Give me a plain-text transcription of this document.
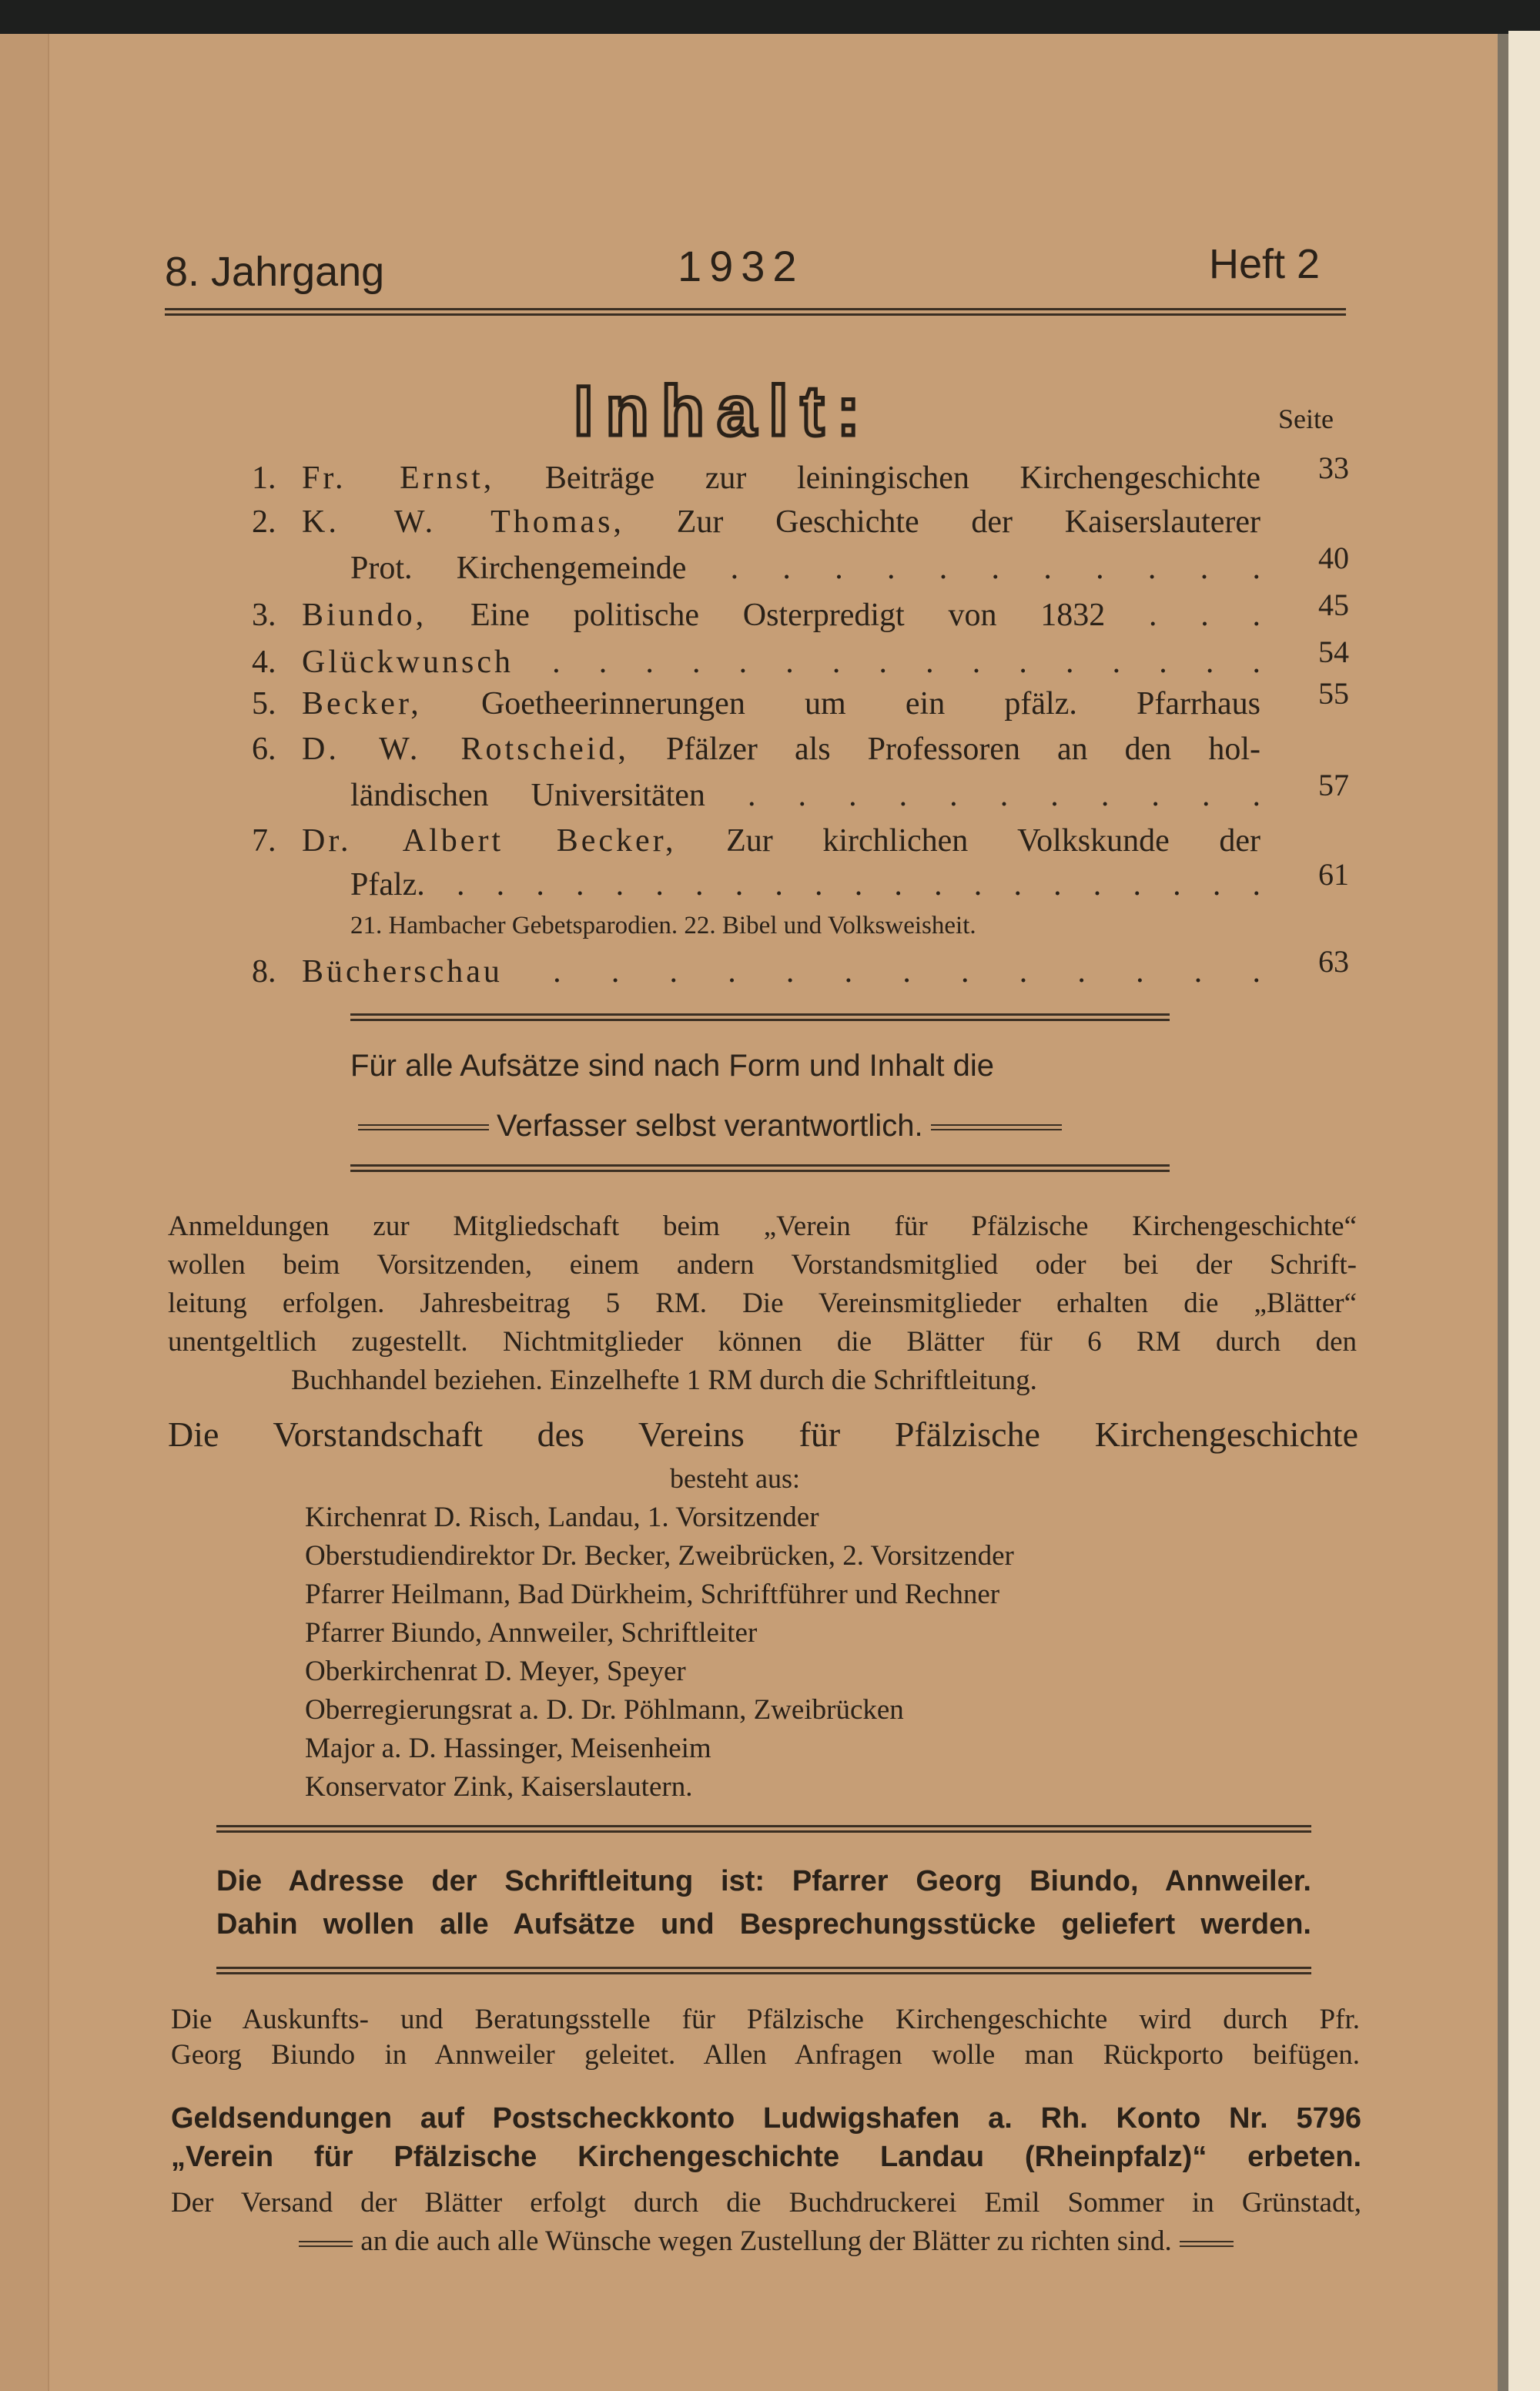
8. Jahrgang	1932	Heft 2
Inhalt:	Seite
1. Fr. Ernst, Beiträge zur leiningischen Kirchengeschichte	33
2. K. W. Thomas, Zur Geschichte der Kaiserslauterer
Prot. Kirchengemeinde . . . . . . . . . . .	40
3. Biundo, Eine politische Osterpredigt von 1832 . . .	45
4. Glückwunsch . . . . . . . . . . . . . . . .	54
5. Becker, Goetheerinnerungen um ein pfälz. Pfarrhaus	55
6. D. W. Rotscheid, Pfälzer als Professoren an den hol-
ländischen Universitäten . . . . . . . . . . .	57
7. Dr. Albert Becker, Zur kirchlichen Volkskunde der
Pfalz. . . . . . . . . . . . . . . . . . . . . .	61
8. Bücherschau . . . . . . . . . . . . .	63
21. Hambacher Gebetsparodien. 22. Bibel und Volksweisheit.
Für alle Aufsätze sind nach Form und Inhalt die
Verfasser selbst verantwortlich.
Anmeldungen zur Mitgliedschaft beim „Verein für Pfälzische Kirchengeschichte“
wollen beim Vorsitzenden, einem andern Vorstandsmitglied oder bei der Schrift-
leitung erfolgen. Jahresbeitrag 5 RM. Die Vereinsmitglieder erhalten die „Blätter“
unentgeltlich zugestellt. Nichtmitglieder können die Blätter für 6 RM durch den
Buchhandel beziehen. Einzelhefte 1 RM durch die Schriftleitung.
Die Vorstandschaft des Vereins für Pfälzische Kirchengeschichte
besteht aus:
Kirchenrat D. Risch, Landau, 1. Vorsitzender
Oberstudiendirektor Dr. Becker, Zweibrücken, 2. Vorsitzender
Pfarrer Heilmann, Bad Dürkheim, Schriftführer und Rechner
Pfarrer Biundo, Annweiler, Schriftleiter
Oberkirchenrat D. Meyer, Speyer
Oberregierungsrat a. D. Dr. Pöhlmann, Zweibrücken
Major a. D. Hassinger, Meisenheim
Konservator Zink, Kaiserslautern.
Die Adresse der Schriftleitung ist: Pfarrer Georg Biundo, Annweiler.
Dahin wollen alle Aufsätze und Besprechungsstücke geliefert werden.
Die Auskunfts- und Beratungsstelle für Pfälzische Kirchengeschichte wird durch Pfr.
Georg Biundo in Annweiler geleitet. Allen Anfragen wolle man Rückporto beifügen.
Geldsendungen auf Postscheckkonto Ludwigshafen a. Rh. Konto Nr. 5796
„Verein für Pfälzische Kirchengeschichte Landau (Rheinpfalz)“ erbeten.
Der Versand der Blätter erfolgt durch die Buchdruckerei Emil Sommer in Grünstadt,
an die auch alle Wünsche wegen Zustellung der Blätter zu richten sind.
